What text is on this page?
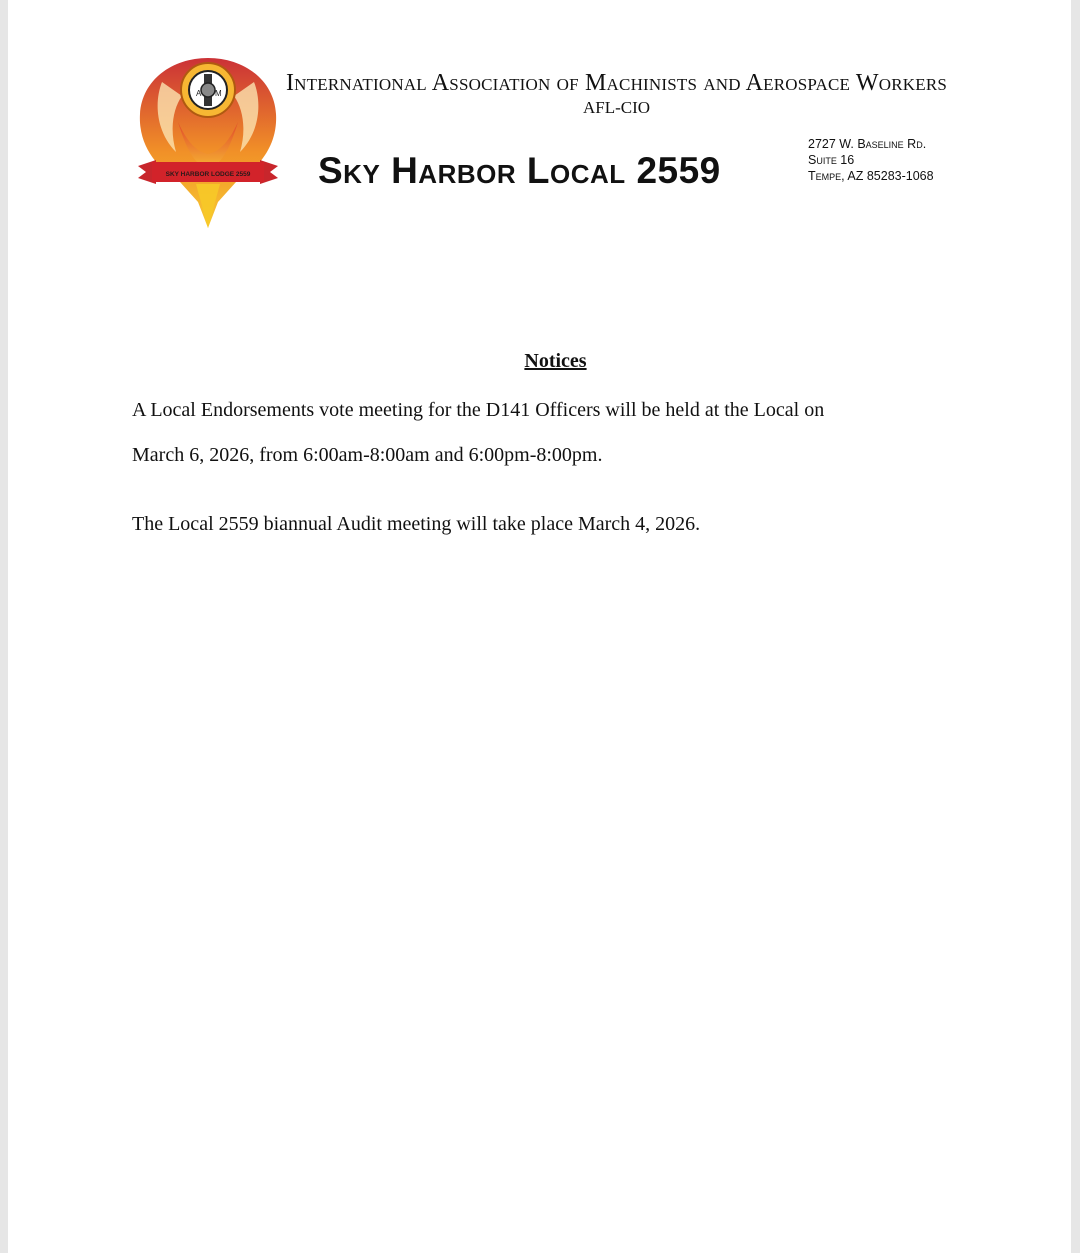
A M
SKY HARBOR LODGE 2559
International Association of Machinists and Aerospace Workers
AFL-CIO
Sky Harbor Local 2559
2727 W. Baseline Rd.
Suite 16
Tempe, AZ 85283-1068
Notices
A Local Endorsements vote meeting for the D141 Officers will be held at the Local on
March 6, 2026, from 6:00am-8:00am and 6:00pm-8:00pm.
The Local 2559 biannual Audit meeting will take place March 4, 2026.
